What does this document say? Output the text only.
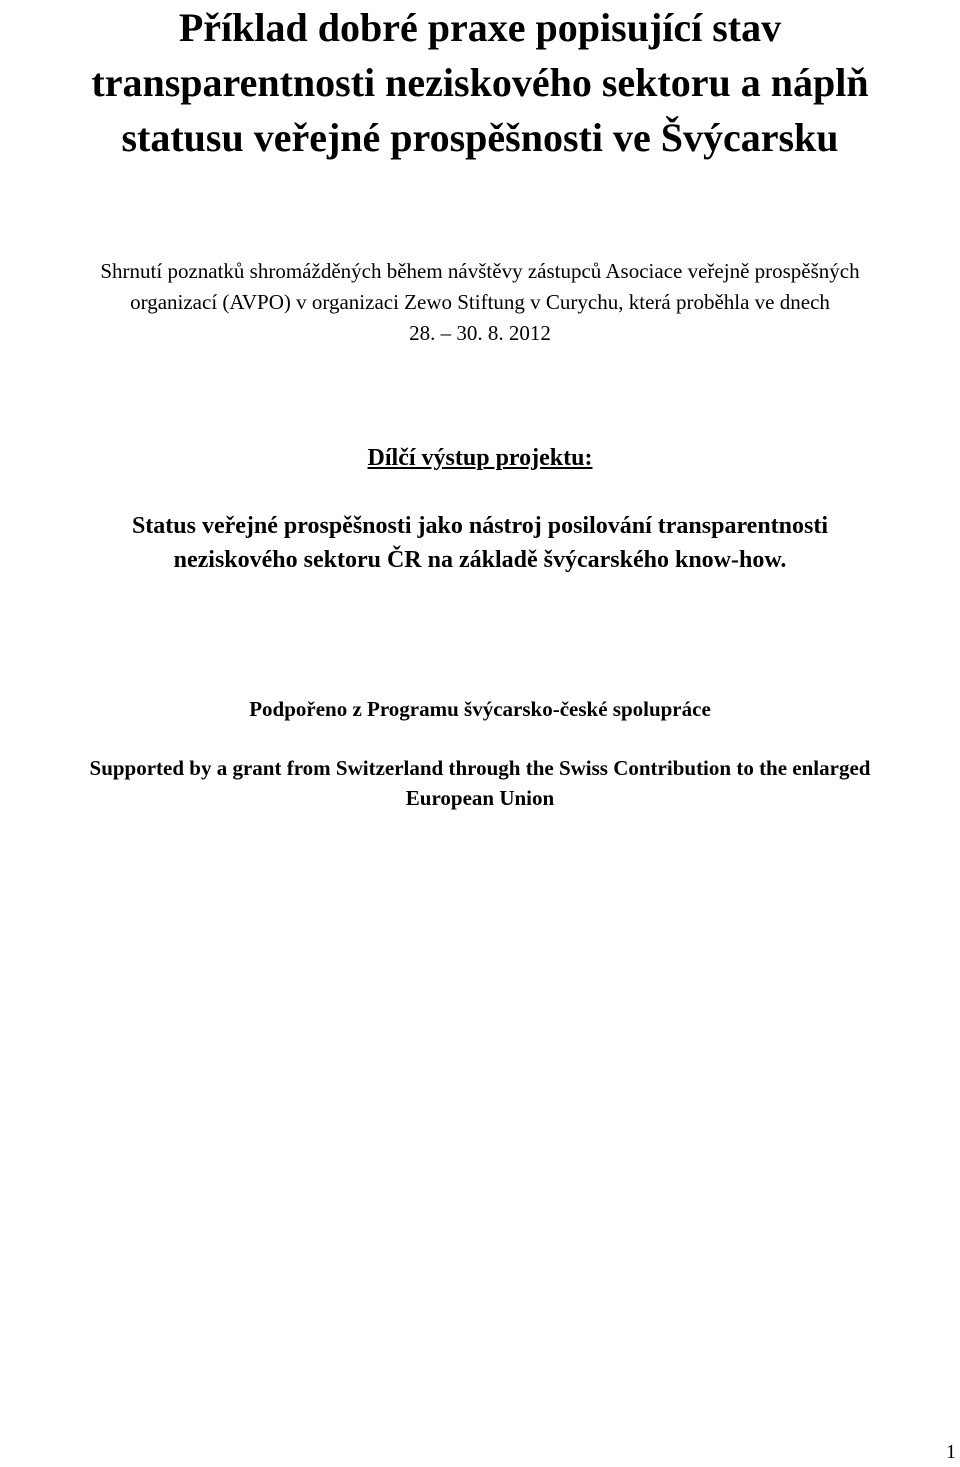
Příklad dobré praxe popisující stav
transparentnosti neziskového sektoru a náplň
statusu veřejné prospěšnosti ve Švýcarsku

Shrnutí poznatků shromážděných během návštěvy zástupců Asociace veřejně prospěšných
organizací (AVPO) v organizaci Zewo Stiftung v Curychu, která proběhla ve dnech
28. – 30. 8. 2012

Dílčí výstup projektu:

Status veřejné prospěšnosti jako nástroj posilování transparentnosti
neziskového sektoru ČR na základě švýcarského know-how.

Podpořeno z Programu švýcarsko-české spolupráce

Supported by a grant from Switzerland through the Swiss Contribution to the enlarged
European Union

1
